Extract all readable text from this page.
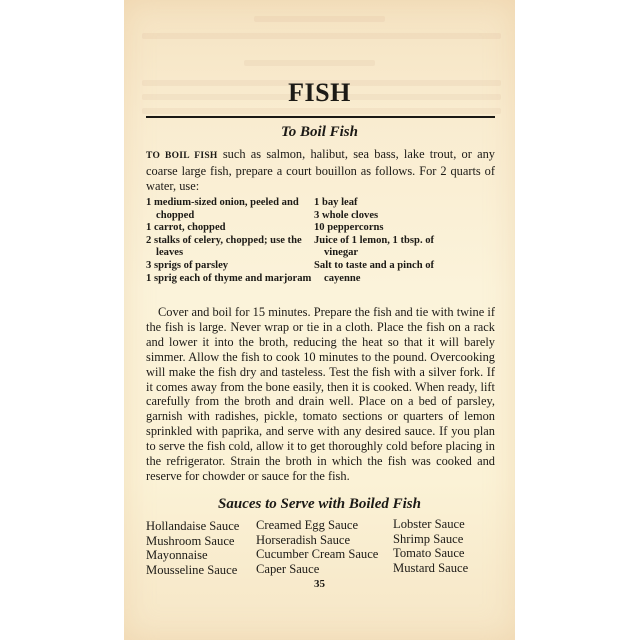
FISH
To Boil Fish
TO BOIL FISH such as salmon, halibut, sea bass, lake trout, or any coarse large fish, prepare a court bouillon as follows. For 2 quarts of water, use:
1 medium-sized onion, peeled and chopped
1 carrot, chopped
2 stalks of celery, chopped; use the leaves
3 sprigs of parsley
1 sprig each of thyme and marjoram
1 bay leaf
3 whole cloves
10 peppercorns
Juice of 1 lemon, 1 tbsp. of vinegar
Salt to taste and a pinch of cayenne
Cover and boil for 15 minutes. Prepare the fish and tie with twine if the fish is large. Never wrap or tie in a cloth. Place the fish on a rack and lower it into the broth, reducing the heat so that it will barely simmer. Allow the fish to cook 10 minutes to the pound. Overcooking will make the fish dry and tasteless. Test the fish with a silver fork. If it comes away from the bone easily, then it is cooked. When ready, lift carefully from the broth and drain well. Place on a bed of parsley, garnish with radishes, pickle, tomato sections or quarters of lemon sprinkled with paprika, and serve with any desired sauce. If you plan to serve the fish cold, allow it to get thoroughly cold before placing in the refrigerator. Strain the broth in which the fish was cooked and reserve for chowder or sauce for the fish.
Sauces to Serve with Boiled Fish
Hollandaise Sauce
Mushroom Sauce
Mayonnaise
Mousseline Sauce
Creamed Egg Sauce
Horseradish Sauce
Cucumber Cream Sauce
Caper Sauce
Lobster Sauce
Shrimp Sauce
Tomato Sauce
Mustard Sauce
35
